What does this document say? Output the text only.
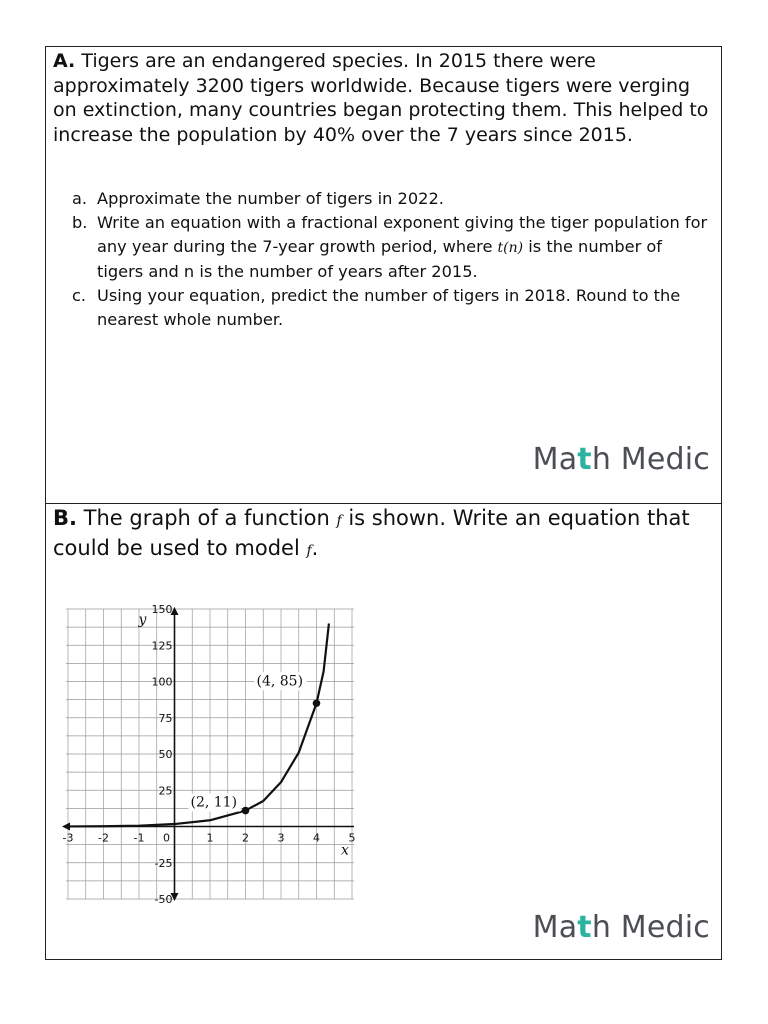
A. Tigers are an endangered species. In 2015 there were approximately 3200 tigers worldwide. Because tigers were verging on extinction, many countries began protecting them. This helped to increase the population by 40% over the 7 years since 2015.

a. Approximate the number of tigers in 2022.
b. Write an equation with a fractional exponent giving the tiger population for any year during the 7-year growth period, where t(n) is the number of tigers and n is the number of years after 2015.
c. Using your equation, predict the number of tigers in 2018. Round to the nearest whole number.
Math Medic

B. The graph of a function f is shown. Write an equation that could be used to model f.

-3 -2 -1 0	1	2	3	4	5
150
125
100
75
50
25
-25
-50
x
y
(2, 11)
(4, 85)
Math Medic
